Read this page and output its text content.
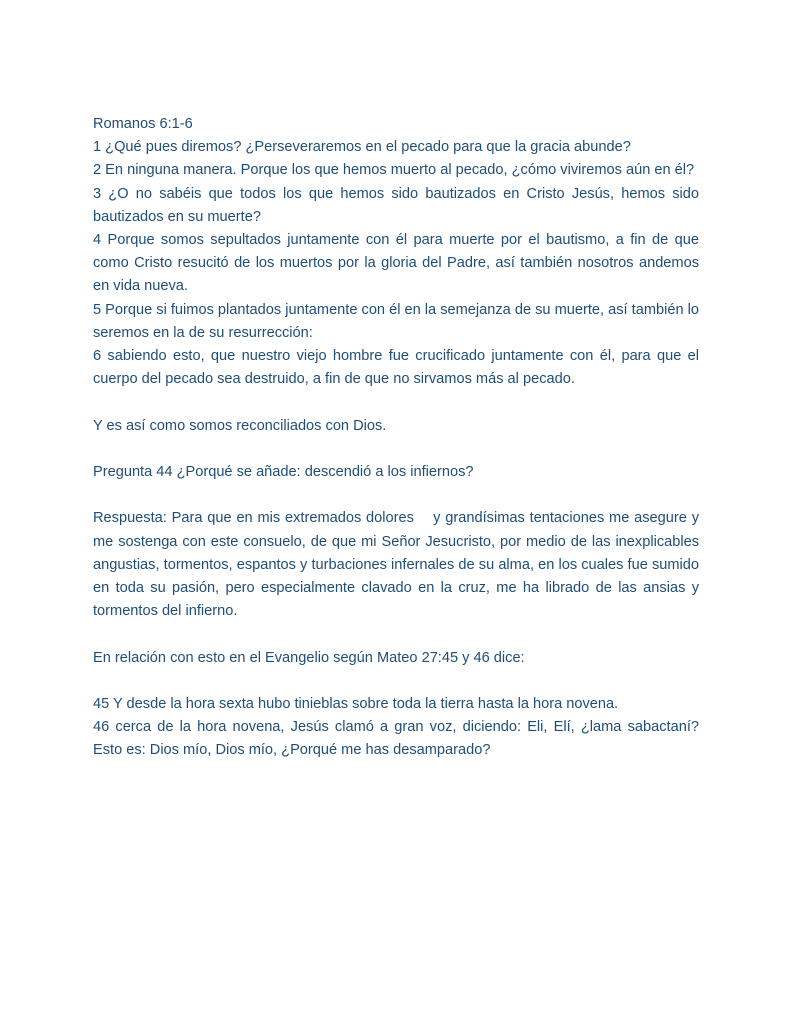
Romanos 6:1-6

1 ¿Qué pues diremos? ¿Perseveraremos en el pecado para que la gracia abunde?

2 En ninguna manera. Porque los que hemos muerto al pecado, ¿cómo viviremos aún en él?

3 ¿O no sabéis que todos los que hemos sido bautizados en Cristo Jesús, hemos sido bautizados en su muerte?

4 Porque somos sepultados juntamente con él para muerte por el bautismo, a fin de que como Cristo resucitó de los muertos por la gloria del Padre, así también nosotros andemos en vida nueva.

5 Porque si fuimos plantados juntamente con él en la semejanza de su muerte, así también lo seremos en la de su resurrección:

6 sabiendo esto, que nuestro viejo hombre fue crucificado juntamente con él, para que el cuerpo del pecado sea destruido, a fin de que no sirvamos más al pecado.

Y es así como somos reconciliados con Dios.

Pregunta 44 ¿Porqué se añade: descendió a los infiernos?

Respuesta: Para que en mis extremados dolores    y grandísimas tentaciones me asegure y me sostenga con este consuelo, de que mi Señor Jesucristo, por medio de las inexplicables angustias, tormentos, espantos y turbaciones infernales de su alma, en los cuales fue sumido en toda su pasión, pero especialmente clavado en la cruz, me ha librado de las ansias y tormentos del infierno.

En relación con esto en el Evangelio según Mateo 27:45 y 46 dice:

45 Y desde la hora sexta hubo tinieblas sobre toda la tierra hasta la hora novena.

46 cerca de la hora novena, Jesús clamó a gran voz, diciendo: Eli, Elí, ¿lama sabactaní? Esto es: Dios mío, Dios mío, ¿Porqué me has desamparado?
